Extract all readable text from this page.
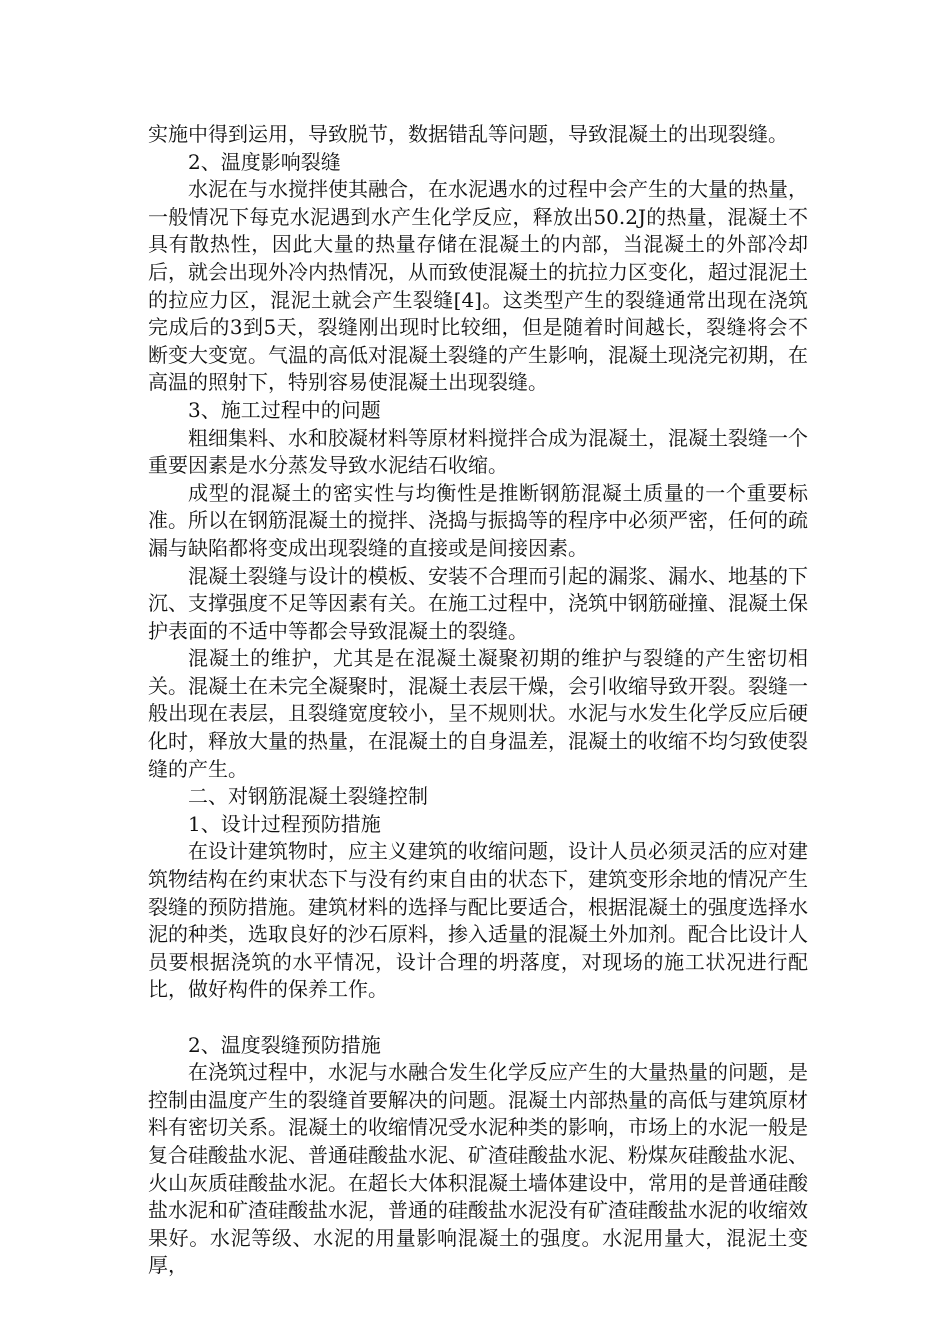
实施中得到运用，导致脱节，数据错乱等问题，导致混凝土的出现裂缝。

2、温度影响裂缝

水泥在与水搅拌使其融合，在水泥遇水的过程中会产生的大量的热量，一般情况下每克水泥遇到水产生化学反应，释放出50.2J的热量，混凝土不具有散热性，因此大量的热量存储在混凝土的内部，当混凝土的外部冷却后，就会出现外冷内热情况，从而致使混凝土的抗拉力区变化，超过混泥土的拉应力区，混泥土就会产生裂缝[4]。这类型产生的裂缝通常出现在浇筑完成后的3到5天，裂缝刚出现时比较细，但是随着时间越长，裂缝将会不断变大变宽。气温的高低对混凝土裂缝的产生影响，混凝土现浇完初期，在高温的照射下，特别容易使混凝土出现裂缝。

3、施工过程中的问题

粗细集料、水和胶凝材料等原材料搅拌合成为混凝土，混凝土裂缝一个重要因素是水分蒸发导致水泥结石收缩。

成型的混凝土的密实性与均衡性是推断钢筋混凝土质量的一个重要标准。所以在钢筋混凝土的搅拌、浇捣与振捣等的程序中必须严密，任何的疏漏与缺陷都将变成出现裂缝的直接或是间接因素。

混凝土裂缝与设计的模板、安装不合理而引起的漏浆、漏水、地基的下沉、支撑强度不足等因素有关。在施工过程中，浇筑中钢筋碰撞、混凝土保护表面的不适中等都会导致混凝土的裂缝。

混凝土的维护，尤其是在混凝土凝聚初期的维护与裂缝的产生密切相关。混凝土在未完全凝聚时，混凝土表层干燥，会引收缩导致开裂。裂缝一般出现在表层，且裂缝宽度较小，呈不规则状。水泥与水发生化学反应后硬化时，释放大量的热量，在混凝土的自身温差，混凝土的收缩不均匀致使裂缝的产生。

二、对钢筋混凝土裂缝控制

1、设计过程预防措施

在设计建筑物时，应主义建筑的收缩问题，设计人员必须灵活的应对建筑物结构在约束状态下与没有约束自由的状态下，建筑变形余地的情况产生裂缝的预防措施。建筑材料的选择与配比要适合，根据混凝土的强度选择水泥的种类，选取良好的沙石原料，掺入适量的混凝土外加剂。配合比设计人员要根据浇筑的水平情况，设计合理的坍落度，对现场的施工状况进行配比，做好构件的保养工作。

2、温度裂缝预防措施

在浇筑过程中，水泥与水融合发生化学反应产生的大量热量的问题，是控制由温度产生的裂缝首要解决的问题。混凝土内部热量的高低与建筑原材料有密切关系。混凝土的收缩情况受水泥种类的影响，市场上的水泥一般是复合硅酸盐水泥、普通硅酸盐水泥、矿渣硅酸盐水泥、粉煤灰硅酸盐水泥、火山灰质硅酸盐水泥。在超长大体积混凝土墙体建设中，常用的是普通硅酸盐水泥和矿渣硅酸盐水泥，普通的硅酸盐水泥没有矿渣硅酸盐水泥的收缩效果好。水泥等级、水泥的用量影响混凝土的强度。水泥用量大，混泥土变厚，
